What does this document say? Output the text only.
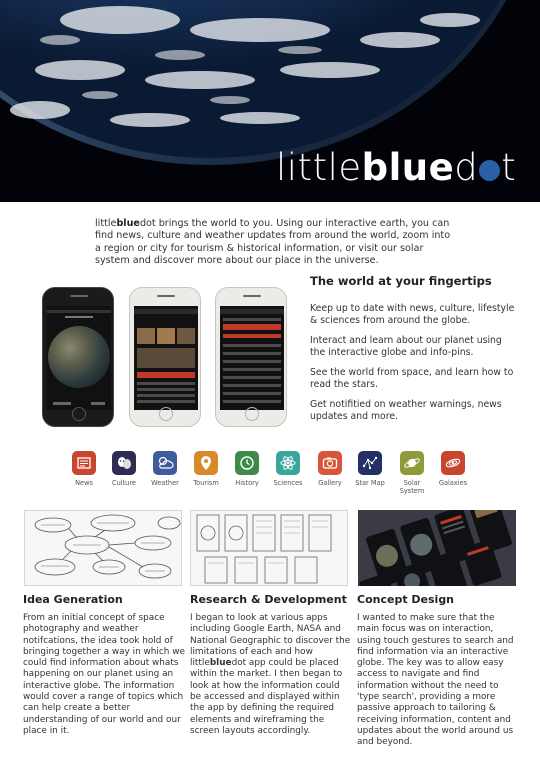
littleblued t

littlebluedot brings the world to you. Using our interactive earth, you can find news, culture and weather updates from around the world, zoom into a region or city for tourism & historical information, or visit our solar system and discover more about our place in the universe.

The world at your fingertips

Keep up to date with news, culture, lifestyle & sciences from around the globe.

Interact and learn about our planet using the interactive globe and info-pins.

See the world from space, and learn how to read the stars.

Get notifitied on weather warnings, news updates and more.

News	Culture	Weather	Tourism	History	Sciences	Gallery	Star Map	Solar System
Galaxies
Idea Generation

From an initial concept of space photography and weather notifcations, the idea took hold of bringing together a way in which we could find information about whats happening on our planet using an interactive globe. The information would cover a range of topics which can help create a better understanding of our world and our place in it.

Research & Development

I began to look at various apps including Google Earth, NASA and National Geographic to discover the limitations of each and how littlebluedot app could be placed within the market. I then began to look at how the information could be accessed and displayed within the app by defining the required elements and wireframing the screen layouts accordingly.

Concept Design

I wanted to make sure that the main focus was on interaction, using touch gestures to search and find information via an interactive globe. The key was to allow easy access to navigate and find information without the need to 'type search', providing a more passive approach to tailoring & receiving information, content and updates about the world around us and beyond.
